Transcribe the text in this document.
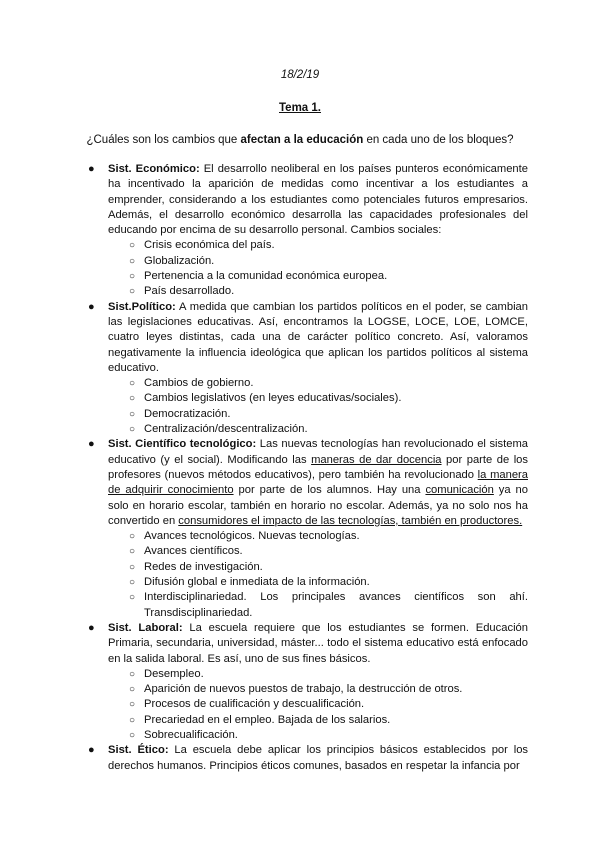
18/2/19
Tema 1.
¿Cuáles son los cambios que afectan a la educación en cada uno de los bloques?
● Sist. Económico: El desarrollo neoliberal en los países punteros económicamente ha incentivado la aparición de medidas como incentivar a los estudiantes a emprender, considerando a los estudiantes como potenciales futuros empresarios. Además, el desarrollo económico desarrolla las capacidades profesionales del educando por encima de su desarrollo personal. Cambios sociales:

○ Crisis económica del país.
○ Globalización.
○ Pertenencia a la comunidad económica europea.
○ País desarrollado.
● Sist.Político: A medida que cambian los partidos políticos en el poder, se cambian las legislaciones educativas. Así, encontramos la LOGSE, LOCE, LOE, LOMCE, cuatro leyes distintas, cada una de carácter político concreto. Así, valoramos negativamente la influencia ideológica que aplican los partidos políticos al sistema educativo.

○ Cambios de gobierno.
○ Cambios legislativos (en leyes educativas/sociales).
○ Democratización.
○ Centralización/descentralización.
● Sist. Científico tecnológico: Las nuevas tecnologías han revolucionado el sistema educativo (y el social). Modificando las maneras de dar docencia por parte de los profesores (nuevos métodos educativos), pero también ha revolucionado la manera de adquirir conocimiento por parte de los alumnos. Hay una comunicación ya no solo en horario escolar, también en horario no escolar. Además, ya no solo nos ha convertido en consumidores el impacto de las tecnologías, también en productores.

○ Avances tecnológicos. Nuevas tecnologías.
○ Avances científicos.
○ Redes de investigación.
○ Difusión global e inmediata de la información.
○ Interdisciplinariedad. Los principales avances científicos son ahí. Transdisciplinariedad.
● Sist. Laboral: La escuela requiere que los estudiantes se formen. Educación Primaria, secundaria, universidad, máster... todo el sistema educativo está enfocado en la salida laboral. Es así, uno de sus fines básicos.

○ Desempleo.
○ Aparición de nuevos puestos de trabajo, la destrucción de otros.
○ Procesos de cualificación y descualificación.
○ Precariedad en el empleo. Bajada de los salarios.
○ Sobrecualificación.
● Sist. Ético: La escuela debe aplicar los principios básicos establecidos por los derechos humanos. Principios éticos comunes, basados en respetar la infancia por
